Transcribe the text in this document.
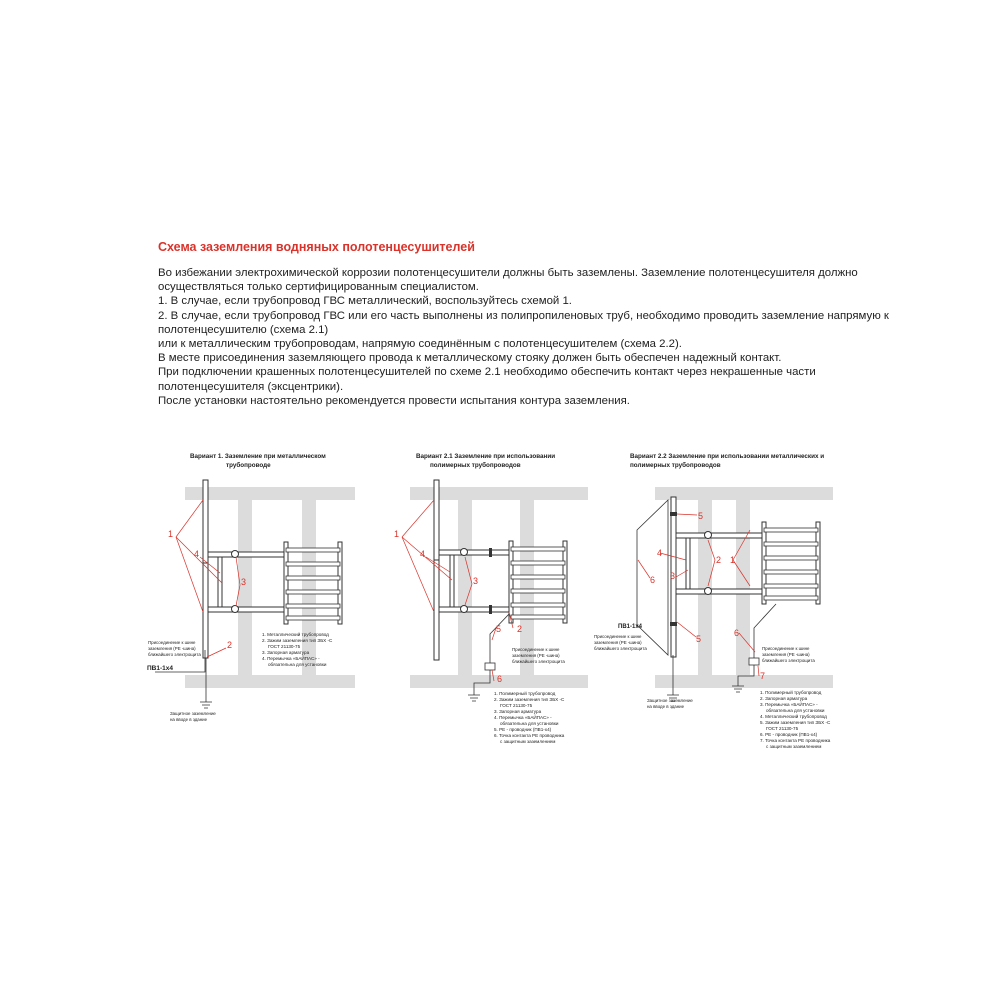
Схема заземления водняных полотенцесушителей
Во избежании электрохимической коррозии полотенцесушители должны быть заземлены. Заземление полотенцесушителя должно
осуществляться только сертифицированным специалистом.
1. В случае, если трубопровод ГВС металлический, воспользуйтесь схемой 1.
2. В случае, если трубопровод ГВС или его часть выполнены из полипропиленовых труб, необходимо проводить заземление напрямую к
полотенцесушителю (схема 2.1)
или к металлическим трубопроводам, напрямую соединённым с полотенцесушителем (схема 2.2).
В месте присоединения заземляющего провода к металлическому стояку должен быть обеспечен надежный контакт.
При подключении крашенных полотенцесушителей по схеме 2.1 необходимо обеспечить контакт через некрашенные части
полотенцесушителя (эксцентрики).
После установки настоятельно рекомендуется провести испытания контура заземления.
Вариант 1. Заземление при металлическом
трубопроводе
1
4
3
2
Присоединение к шине
заземления (PE -шина)
ближайшего электрощита
ПВ1-1х4
Защитное заземление
на вводе в здание
1. Металлический трубопровод
2. Зажим заземления тип ЗБХ -С
ГОСТ 21130-75
3. Запорная арматура
4. Перемычка «БАЙПАС» -
обязательна для установки
Вариант 2.1 Заземление при использовании
полимерных трубопроводов
1
4
3
5 2
6
Присоединение к шине
заземления (PE -шина)
ближайшего электрощита
1. Полимерный трубопровод
2. Зажим заземления тип ЗБХ -С
ГОСТ 21130-75
3. Запорная арматура
4. Перемычка «БАЙПАС» -
обязательна для установки
5. PE - проводник (ПВ1-х4)
6. Точка контакта PE проводника
с защитным заземлением
Вариант 2.2 Заземление при использовании металлических и
полимерных трубопроводов
5
4
3
2 1
6
5
6
7
ПВ1-1х4
Присоединение к шине
заземления (PE -шина)
ближайшего электрощита	Присоединение к шине
заземления (PE -шина)
ближайшего электрощита
Защитное заземление
на вводе в здание
1. Полимерный трубопровод
2. Запорная арматура
3. Перемычка «БАЙПАС» -
обязательна для установки
4. Металлический трубопровод
5. Зажим заземления тип ЗБХ -С
ГОСТ 21130-75
6. PE - проводник (ПВ1-х4)
7. Точка контакта PE проводника
с защитным заземлением
